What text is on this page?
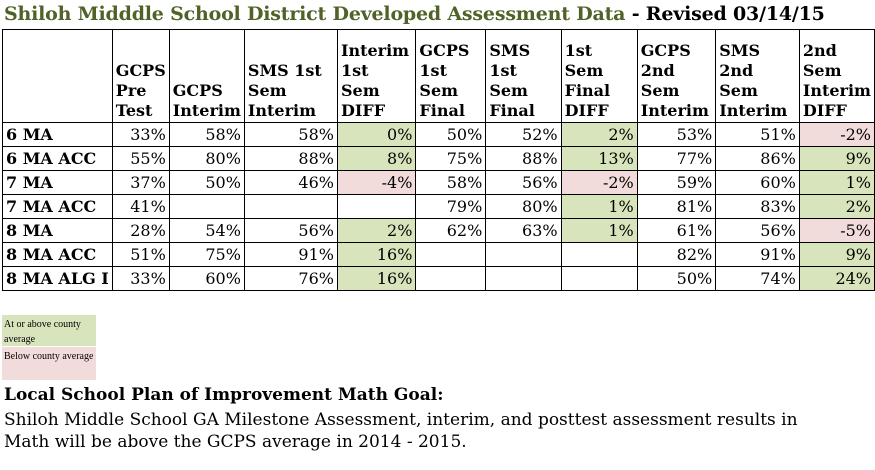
Shiloh Midddle School District Developed Assessment Data - Revised 03/14/15
	GCPS Pre Test	GCPS Interim	SMS 1st Sem Interim	Interim 1st Sem DIFF	GCPS 1st Sem Final	SMS 1st Sem Final	1st Sem Final DIFF	GCPS 2nd Sem Interim	SMS 2nd Sem Interim	2nd Sem Interim DIFF
6 MA	33%	58%	58%	0%	50%	52%	2%	53%	51%	-2%
6 MA ACC	55%	80%	88%	8%	75%	88%	13%	77%	86%	9%
7 MA	37%	50%	46%	-4%	58%	56%	-2%	59%	60%	1%
7 MA ACC	41%				79%	80%	1%	81%	83%	2%
8 MA	28%	54%	56%	2%	62%	63%	1%	61%	56%	-5%
8 MA ACC	51%	75%	91%	16%				82%	91%	9%
8 MA ALG I	33%	60%	76%	16%				50%	74%	24%
At or above county average
Below county average
Local School Plan of Improvement Math Goal:
Shiloh Middle School GA Milestone Assessment, interim, and posttest assessment results in Math will be above the GCPS average in 2014 - 2015.
